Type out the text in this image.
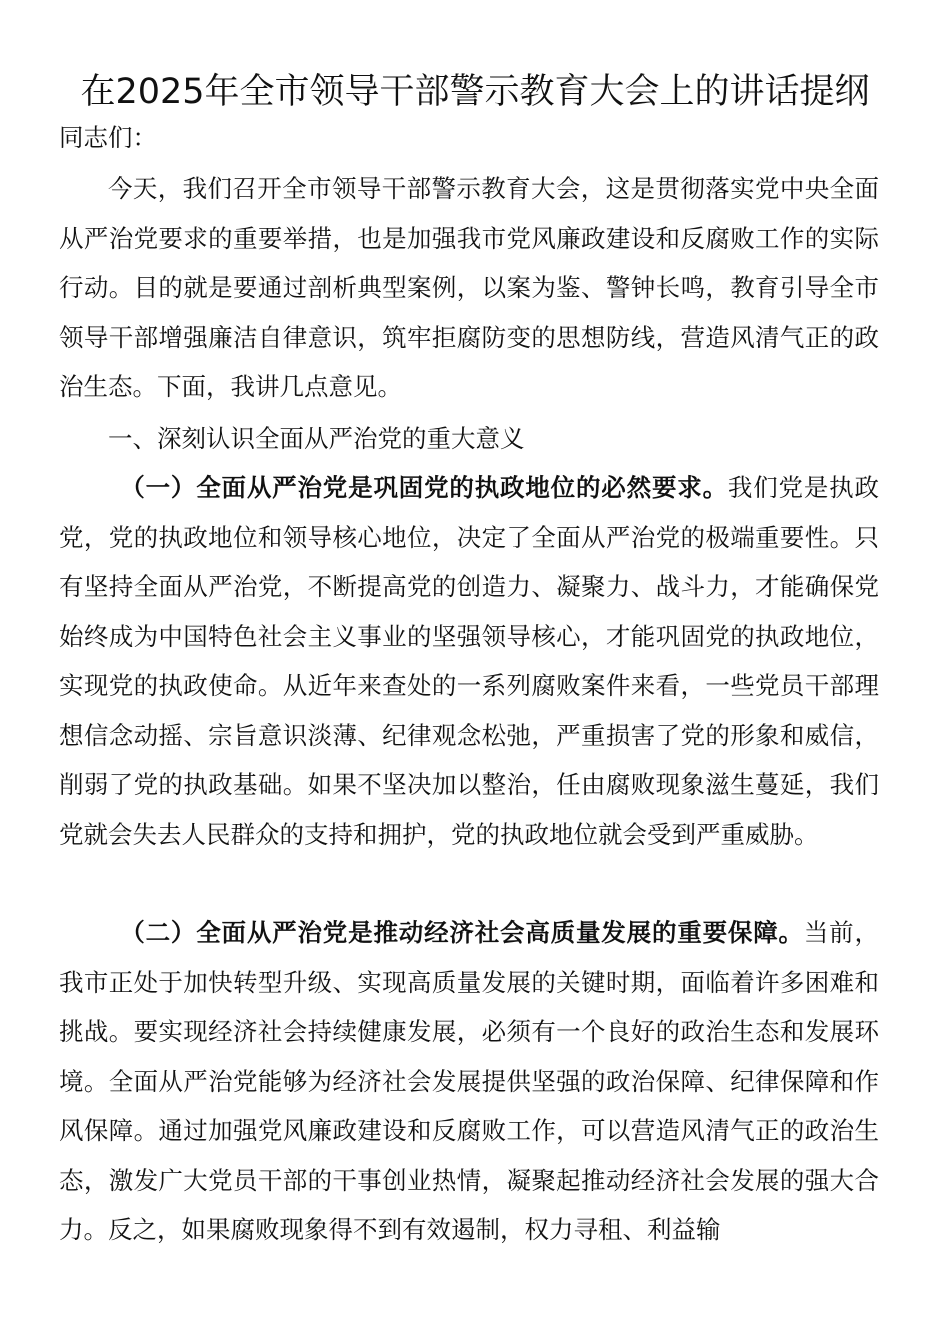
在2025年全市领导干部警示教育大会上的讲话提纲
同志们：
今天，我们召开全市领导干部警示教育大会，这是贯彻落实党中央全面从严治党要求的重要举措，也是加强我市党风廉政建设和反腐败工作的实际行动。目的就是要通过剖析典型案例，以案为鉴、警钟长鸣，教育引导全市领导干部增强廉洁自律意识，筑牢拒腐防变的思想防线，营造风清气正的政治生态。下面，我讲几点意见。
一、深刻认识全面从严治党的重大意义
（一）全面从严治党是巩固党的执政地位的必然要求。我们党是执政党，党的执政地位和领导核心地位，决定了全面从严治党的极端重要性。只有坚持全面从严治党，不断提高党的创造力、凝聚力、战斗力，才能确保党始终成为中国特色社会主义事业的坚强领导核心，才能巩固党的执政地位，实现党的执政使命。从近年来查处的一系列腐败案件来看，一些党员干部理想信念动摇、宗旨意识淡薄、纪律观念松弛，严重损害了党的形象和威信，削弱了党的执政基础。如果不坚决加以整治，任由腐败现象滋生蔓延，我们党就会失去人民群众的支持和拥护，党的执政地位就会受到严重威胁。
（二）全面从严治党是推动经济社会高质量发展的重要保障。当前，我市正处于加快转型升级、实现高质量发展的关键时期，面临着许多困难和挑战。要实现经济社会持续健康发展，必须有一个良好的政治生态和发展环境。全面从严治党能够为经济社会发展提供坚强的政治保障、纪律保障和作风保障。通过加强党风廉政建设和反腐败工作，可以营造风清气正的政治生态，激发广大党员干部的干事创业热情，凝聚起推动经济社会发展的强大合力。反之，如果腐败现象得不到有效遏制，权力寻租、利益输
